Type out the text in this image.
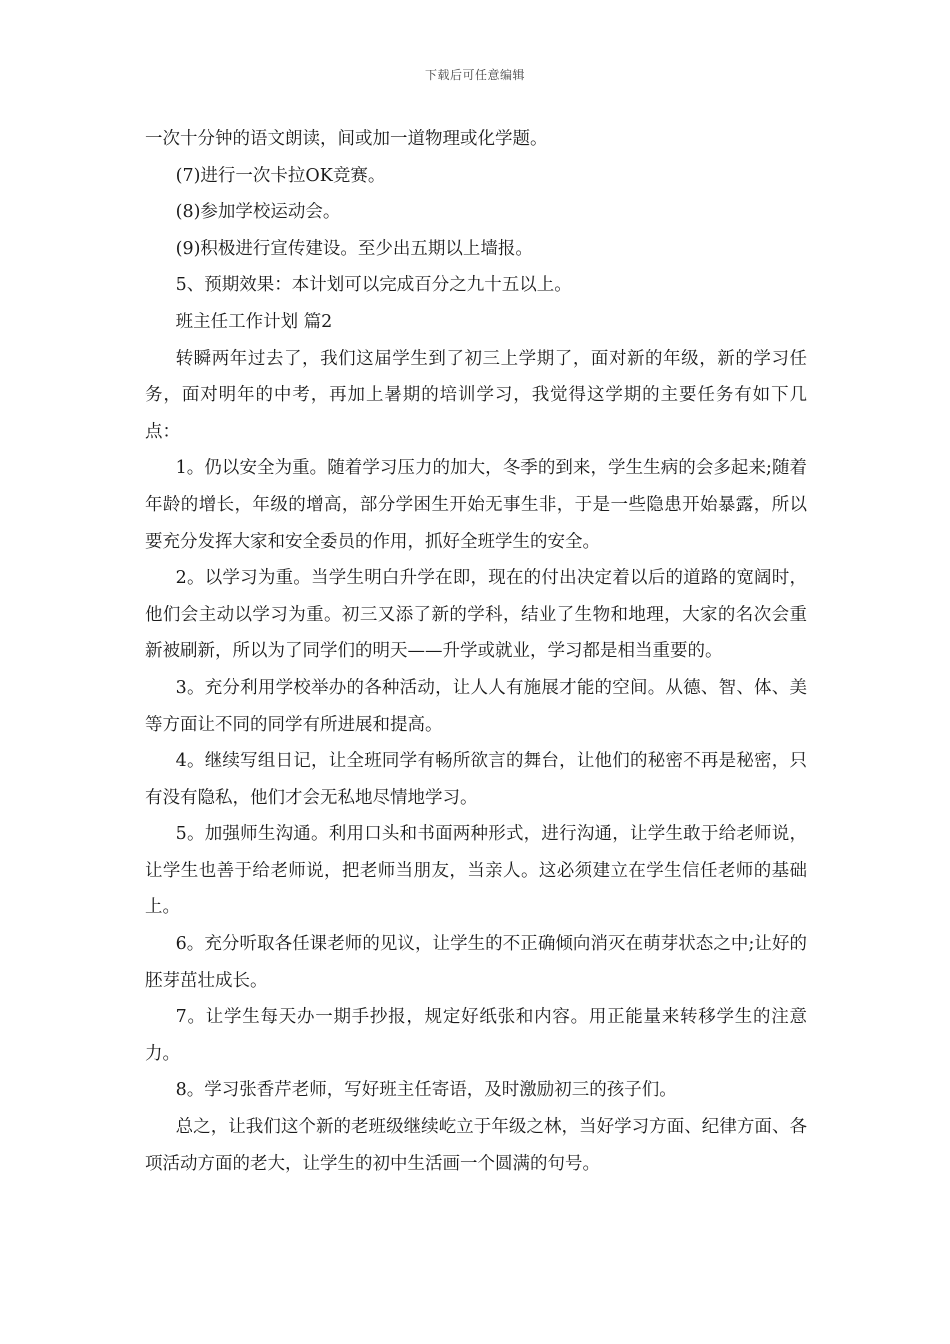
下载后可任意编辑

一次十分钟的语文朗读，间或加一道物理或化学题。

(7)进行一次卡拉OK竞赛。

(8)参加学校运动会。

(9)积极进行宣传建设。至少出五期以上墙报。

5、预期效果：本计划可以完成百分之九十五以上。

班主任工作计划 篇2

转瞬两年过去了，我们这届学生到了初三上学期了，面对新的年级，新的学习任务，面对明年的中考，再加上暑期的培训学习，我觉得这学期的主要任务有如下几点：

1。仍以安全为重。随着学习压力的加大，冬季的到来，学生生病的会多起来;随着年龄的增长，年级的增高，部分学困生开始无事生非，于是一些隐患开始暴露，所以要充分发挥大家和安全委员的作用，抓好全班学生的安全。

2。以学习为重。当学生明白升学在即，现在的付出决定着以后的道路的宽阔时，他们会主动以学习为重。初三又添了新的学科，结业了生物和地理，大家的名次会重新被刷新，所以为了同学们的明天——升学或就业，学习都是相当重要的。

3。充分利用学校举办的各种活动，让人人有施展才能的空间。从德、智、体、美等方面让不同的同学有所进展和提高。

4。继续写组日记，让全班同学有畅所欲言的舞台，让他们的秘密不再是秘密，只有没有隐私，他们才会无私地尽情地学习。

5。加强师生沟通。利用口头和书面两种形式，进行沟通，让学生敢于给老师说，让学生也善于给老师说，把老师当朋友，当亲人。这必须建立在学生信任老师的基础上。

6。充分听取各任课老师的见议，让学生的不正确倾向消灭在萌芽状态之中;让好的胚芽茁壮成长。

7。让学生每天办一期手抄报，规定好纸张和内容。用正能量来转移学生的注意力。

8。学习张香芹老师，写好班主任寄语，及时激励初三的孩子们。

总之，让我们这个新的老班级继续屹立于年级之林，当好学习方面、纪律方面、各项活动方面的老大，让学生的初中生活画一个圆满的句号。
